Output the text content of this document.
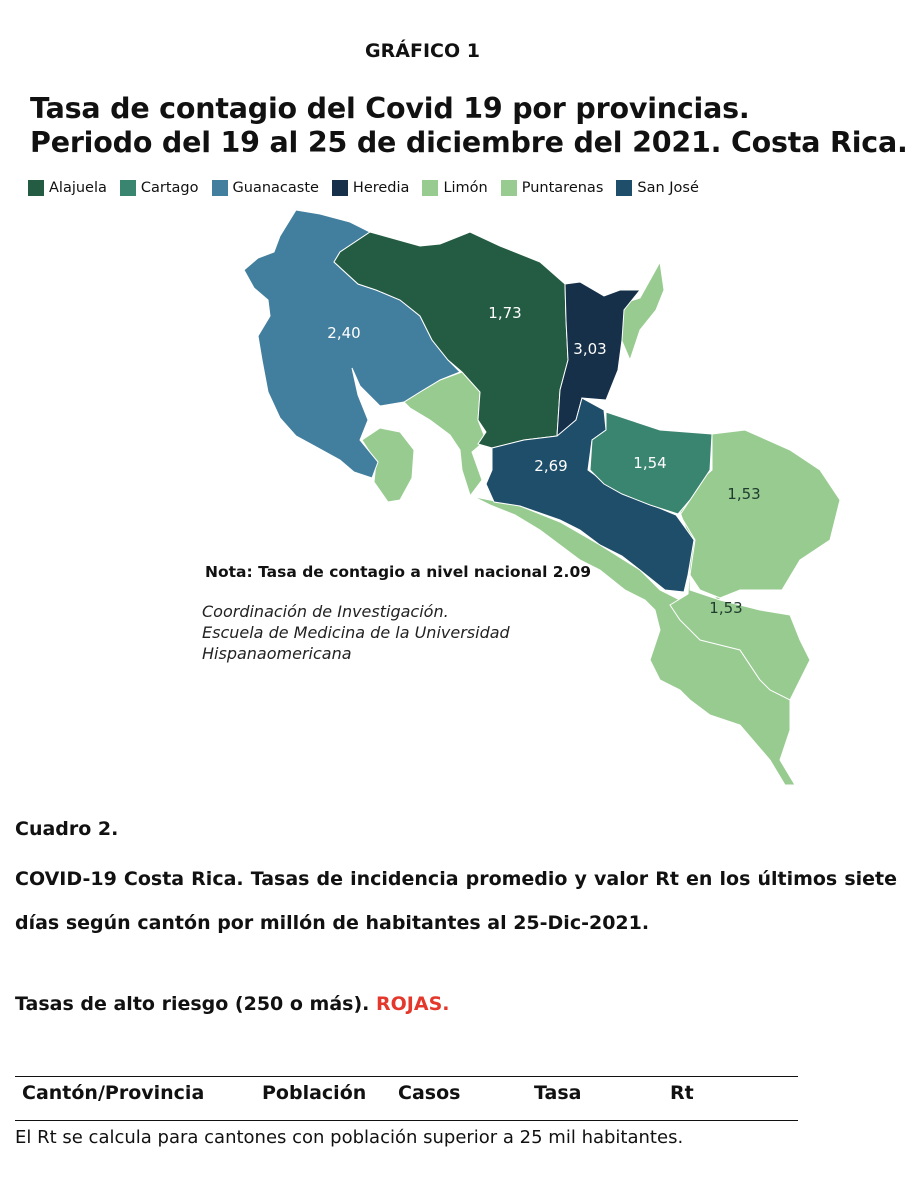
GRÁFICO 1
Tasa de contagio del Covid 19 por provincias.
Periodo del 19 al 25 de diciembre del 2021. Costa Rica.
Alajuela Cartago Guanacaste Heredia Limón Puntarenas San José
2,40
1,73
3,03
2,69	1,54
1,53
1,53
Nota: Tasa de contagio a nivel nacional 2.09
Coordinación de Investigación.
Escuela de Medicina de la Universidad
Hispanaomericana
Cuadro 2.
COVID-19 Costa Rica. Tasas de incidencia promedio y valor Rt en los últimos siete días según cantón por millón de habitantes al 25-Dic-2021.
Tasas de alto riesgo (250 o más). ROJAS.
Cantón/Provincia	Población Casos	Tasa	Rt
El Rt se calcula para cantones con población superior a 25 mil habitantes.
